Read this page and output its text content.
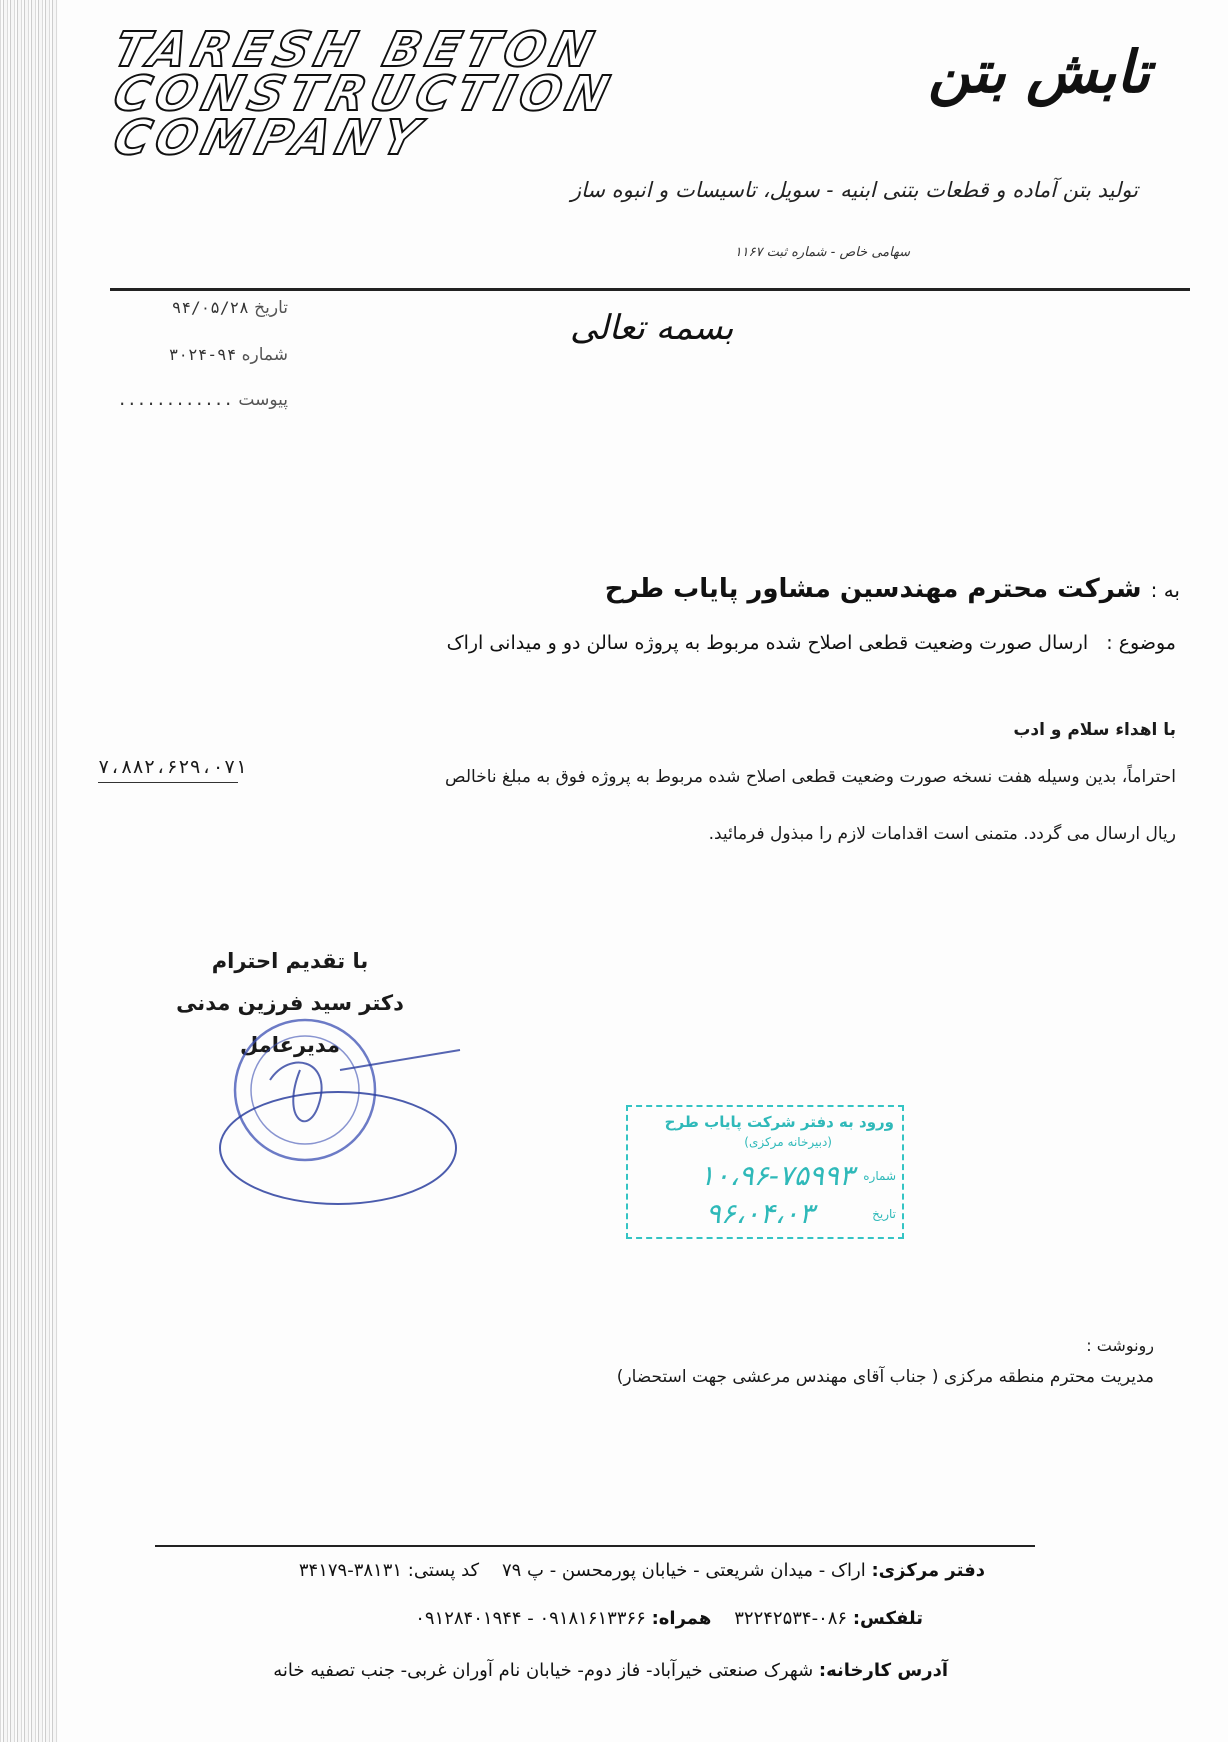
TARESH BETON
CONSTRUCTION
COMPANY
تابش بتن
تولید بتن آماده و قطعات بتنی ابنیه - سویل، تاسیسات و انبوه ساز
سهامی خاص - شماره ثبت ۱۱۶۷
تاریخ ۹۴/۰۵/۲۸
شماره ۹۴-۳۰۲۴
پیوست ............
بسمه تعالی
به : شرکت محترم مهندسین مشاور پایاب طرح
موضوع :   ارسال صورت وضعیت قطعی اصلاح شده مربوط به پروژه سالن دو و میدانی اراک
با اهداء سلام و ادب
احتراماً، بدین وسیله هفت نسخه صورت وضعیت قطعی اصلاح شده مربوط به پروژه فوق به مبلغ ناخالص
۷،۸۸۲،۶۲۹،۰۷۱
ریال ارسال می گردد. متمنی است اقدامات لازم را مبذول فرمائید.
با تقدیم احترام
دکتر سید فرزین مدنی
مدیرعامل
ورود به دفتر شرکت پایاب طرح
(دبیرخانه مرکزی)
شماره
۱۰،۹۶-۷۵۹۹۳
تاریخ
۹۶،۰۴،۰۳
رونوشت :
مدیریت محترم منطقه مرکزی ( جناب آقای مهندس مرعشی جهت استحضار)
دفتر مرکزی: اراک - میدان شریعتی - خیابان پورمحسن - پ ۷۹    کد پستی: ۳۸۱۳۱-۳۴۱۷۹
تلفکس: ۰۸۶-۳۲۲۴۲۵۳۴    همراه: ۰۹۱۸۱۶۱۳۳۶۶ - ۰۹۱۲۸۴۰۱۹۴۴
آدرس کارخانه: شهرک صنعتی خیرآباد- فاز دوم- خیابان نام آوران غربی- جنب تصفیه خانه
